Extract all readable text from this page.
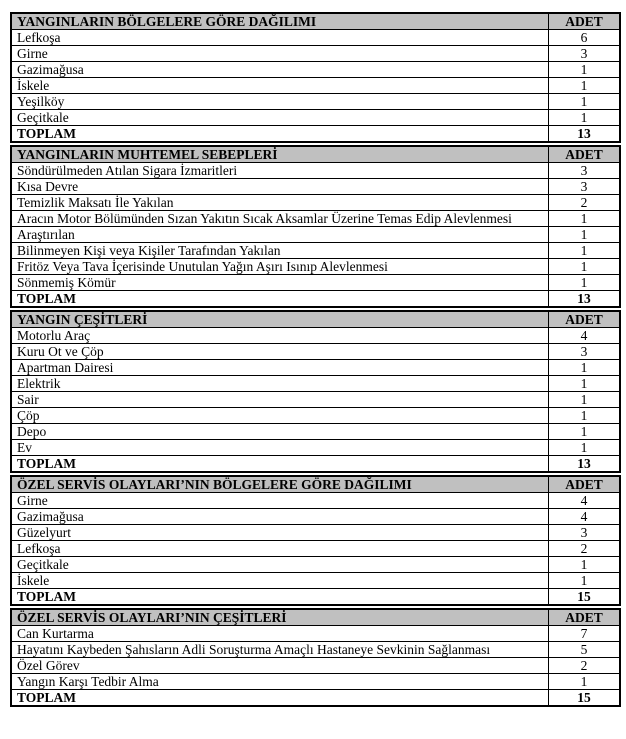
YANGINLARIN BÖLGELERE GÖRE DAĞILIMI	ADET
Lefkoşa	6
Girne	3
Gazimağusa	1
İskele	1
Yeşilköy	1
Geçitkale	1
TOPLAM	13
YANGINLARIN MUHTEMEL SEBEPLERİ	ADET
Söndürülmeden Atılan Sigara İzmaritleri	3
Kısa Devre	3
Temizlik Maksatı İle Yakılan	2
Aracın Motor Bölümünden Sızan Yakıtın Sıcak Aksamlar Üzerine Temas Edip Alevlenmesi	1
Araştırılan	1
Bilinmeyen Kişi veya Kişiler Tarafından Yakılan	1
Fritöz Veya Tava İçerisinde Unutulan Yağın Aşırı Isınıp Alevlenmesi	1
Sönmemiş Kömür	1
TOPLAM	13
YANGIN ÇEŞİTLERİ	ADET
Motorlu Araç	4
Kuru Ot ve Çöp	3
Apartman Dairesi	1
Elektrik	1
Sair	1
Çöp	1
Depo	1
Ev	1
TOPLAM	13
ÖZEL SERVİS OLAYLARI’NIN BÖLGELERE GÖRE DAĞILIMI	ADET
Girne	4
Gazimağusa	4
Güzelyurt	3
Lefkoşa	2
Geçitkale	1
İskele	1
TOPLAM	15
ÖZEL SERVİS OLAYLARI’NIN ÇEŞİTLERİ	ADET
Can Kurtarma	7
Hayatını Kaybeden Şahısların Adli Soruşturma Amaçlı Hastaneye Sevkinin Sağlanması	5
Özel Görev	2
Yangın Karşı Tedbir Alma	1
TOPLAM	15
